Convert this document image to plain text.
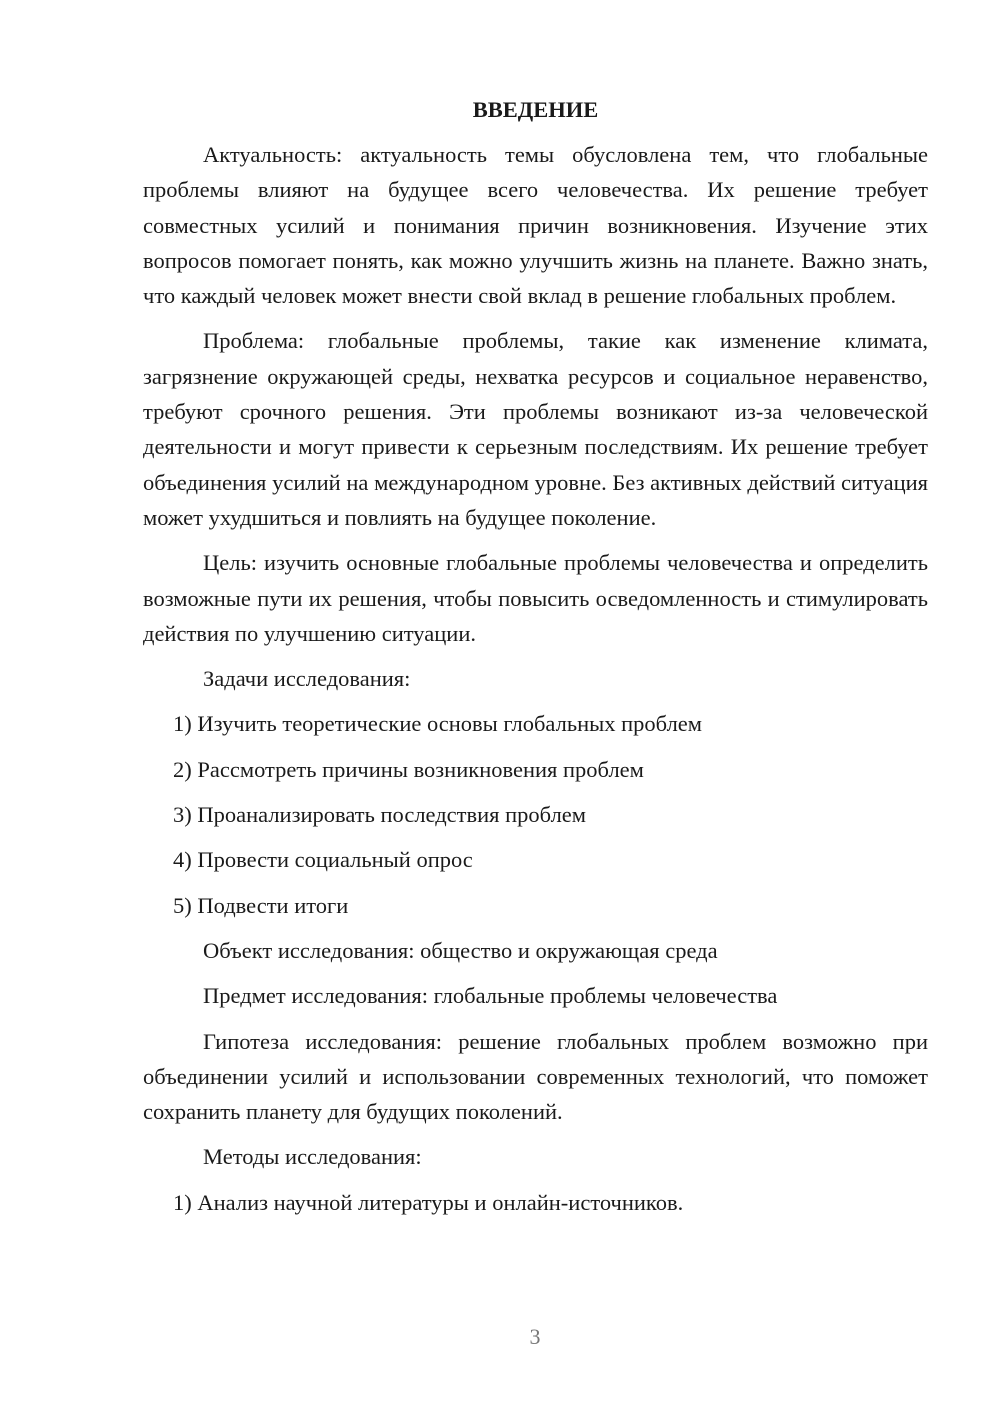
ВВЕДЕНИЕ

Актуальность: актуальность темы обусловлена тем, что глобальные проблемы влияют на будущее всего человечества. Их решение требует совместных усилий и понимания причин возникновения. Изучение этих вопросов помогает понять, как можно улучшить жизнь на планете. Важно знать, что каждый человек может внести свой вклад в решение глобальных проблем.

Проблема: глобальные проблемы, такие как изменение климата, загрязнение окружающей среды, нехватка ресурсов и социальное неравенство, требуют срочного решения. Эти проблемы возникают из-за человеческой деятельности и могут привести к серьезным последствиям. Их решение требует объединения усилий на международном уровне. Без активных действий ситуация может ухудшиться и повлиять на будущее поколение.

Цель: изучить основные глобальные проблемы человечества и определить возможные пути их решения, чтобы повысить осведомленность и стимулировать действия по улучшению ситуации.

Задачи исследования:
1) Изучить теоретические основы глобальных проблем
2) Рассмотреть причины возникновения проблем
3) Проанализировать последствия проблем
4) Провести социальный опрос
5) Подвести итоги
Объект исследования: общество и окружающая среда
Предмет исследования: глобальные проблемы человечества

Гипотеза исследования: решение глобальных проблем возможно при объединении усилий и использовании современных технологий, что поможет сохранить планету для будущих поколений.

Методы исследования:
1) Анализ научной литературы и онлайн-источников.
3
